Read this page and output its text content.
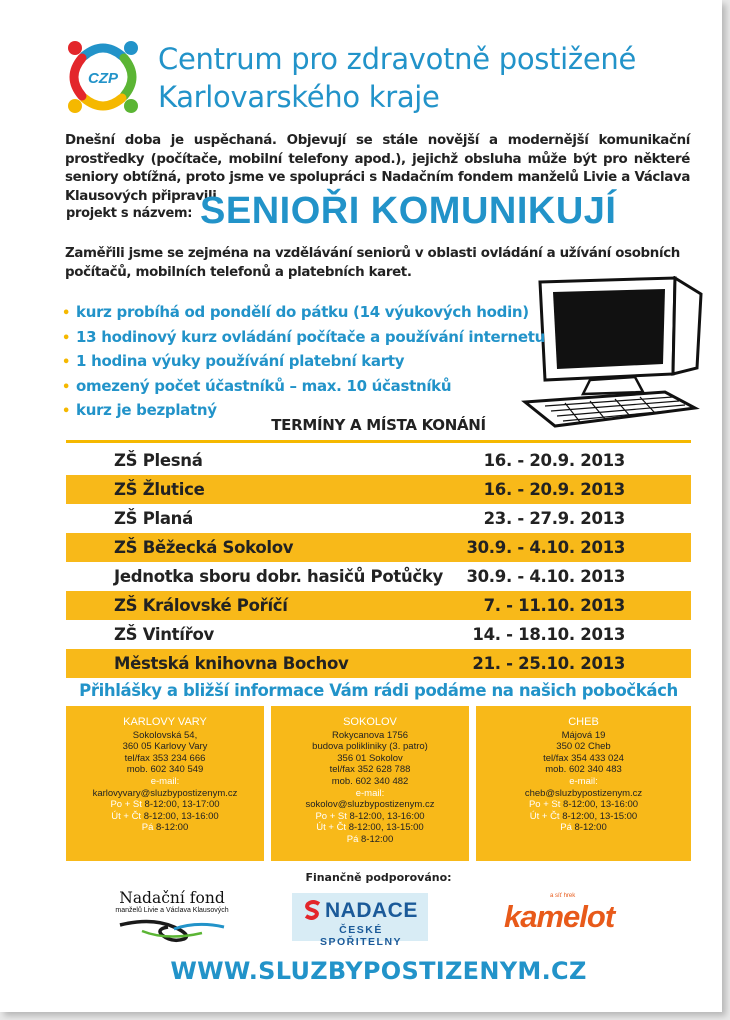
CZP
Centrum pro zdravotně postižené
Karlovarského kraje
Dnešní doba je uspěchaná. Objevují se stále novější a modernější komunikační prostředky (počítače, mobilní telefony apod.), jejichž obsluha může být pro některé seniory obtížná, proto jsme ve spolupráci s Nadačním fondem manželů Livie a Václava Klausových připravili
projekt s názvem: SENIOŘI KOMUNIKUJÍ
Zaměřili jsme se zejména na vzdělávání seniorů v oblasti ovládání a užívání osobních počítačů, mobilních telefonů a platebních karet.
• kurz probíhá od pondělí do pátku (14 výukových hodin)
• 13 hodinový kurz ovládání počítače a používání internetu
• 1 hodina výuky používání platební karty
• omezený počet účastníků – max. 10 účastníků
• kurz je bezplatný
TERMÍNY A MÍSTA KONÁNÍ
ZŠ Plesná	16. - 20.9. 2013
ZŠ Žlutice	16. - 20.9. 2013
ZŠ Planá	23. - 27.9. 2013
ZŠ Běžecká Sokolov	30.9. - 4.10. 2013
Jednotka sboru dobr. hasičů Potůčky 30.9. - 4.10. 2013
ZŠ Královské Poříčí	7. - 11.10. 2013
ZŠ Vintířov	14. - 18.10. 2013
Městská knihovna Bochov	21. - 25.10. 2013
Přihlášky a bližší informace Vám rádi podáme na našich pobočkách
KARLOVY VARY
Sokolovská 54,
360 05 Karlovy Vary
tel/fax 353 234 666
mob. 602 340 549
e-mail:
karlovyvary@sluzbypostizenym.cz
Po + St 8-12:00, 13-17:00
Út + Čt 8-12:00, 13-16:00
Pá 8-12:00
SOKOLOV
Rokycanova 1756
budova polikliniky (3. patro)
356 01 Sokolov
tel/fax 352 628 788
mob. 602 340 482
e-mail:
sokolov@sluzbypostizenym.cz
Po + St 8-12:00, 13-16:00
Út + Čt 8-12:00, 13-15:00
Pá 8-12:00
CHEB
Májová 19
350 02 Cheb
tel/fax 354 433 024
mob. 602 340 483
e-mail:
cheb@sluzbypostizenym.cz
Po + St 8-12:00, 13-16:00
Út + Čt 8-12:00, 13-15:00
Pá 8-12:00
Finančně podporováno:
Nadační fond
manželů Livie a Václava Klausových	NADACE
ČESKÉ SPOŘITELNY
a síť hrek
kamelot
WWW.SLUZBYPOSTIZENYM.CZ
